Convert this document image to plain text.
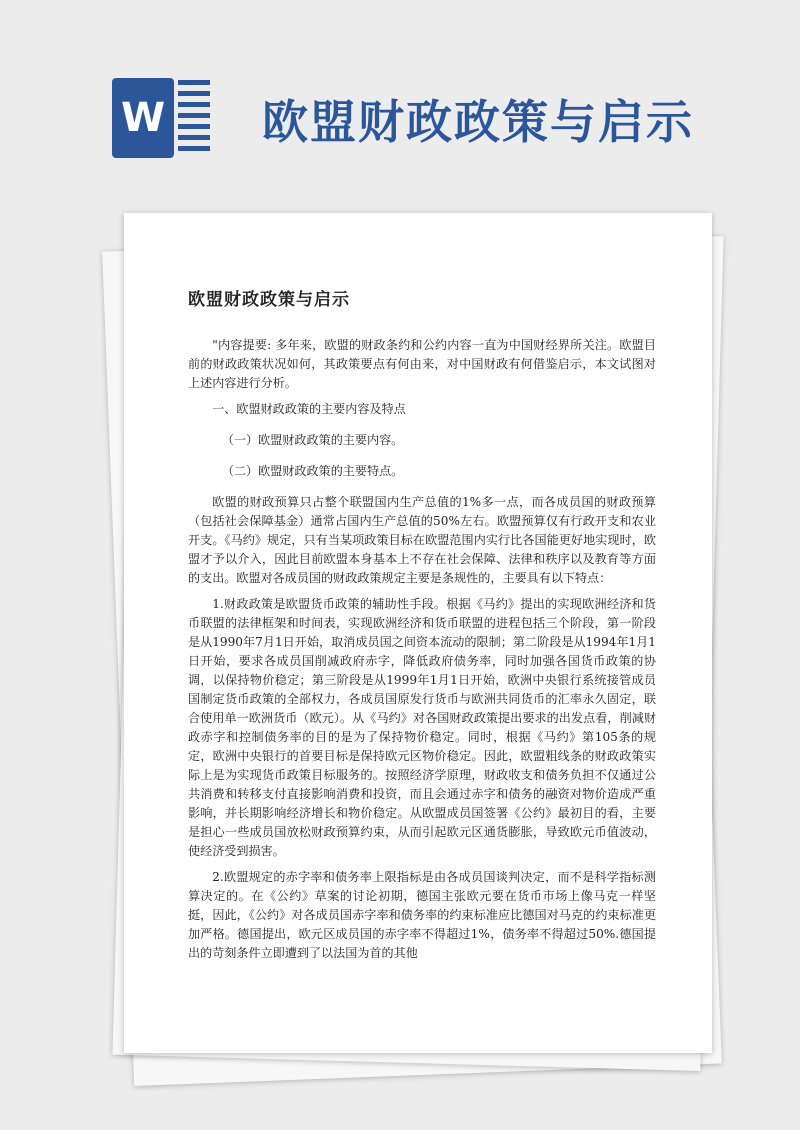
W 欧盟财政政策与启示
欧盟财政政策与启示

"内容提要: 多年来，欧盟的财政条约和公约内容一直为中国财经界所关注。欧盟目前的财政政策状况如何，其政策要点有何由来，对中国财政有何借鉴启示，本文试图对上述内容进行分析。

一、欧盟财政政策的主要内容及特点

（一）欧盟财政政策的主要内容。

（二）欧盟财政政策的主要特点。

欧盟的财政预算只占整个联盟国内生产总值的1%多一点，而各成员国的财政预算（包括社会保障基金）通常占国内生产总值的50%左右。欧盟预算仅有行政开支和农业开支。《马约》规定，只有当某项政策目标在欧盟范围内实行比各国能更好地实现时，欧盟才予以介入，因此目前欧盟本身基本上不存在社会保障、法律和秩序以及教育等方面的支出。欧盟对各成员国的财政政策规定主要是条规性的，主要具有以下特点：

1.财政政策是欧盟货币政策的辅助性手段。根据《马约》提出的实现欧洲经济和货币联盟的法律框架和时间表，实现欧洲经济和货币联盟的进程包括三个阶段，第一阶段是从1990年7月1日开始，取消成员国之间资本流动的限制；第二阶段是从1994年1月1日开始，要求各成员国削减政府赤字，降低政府债务率，同时加强各国货币政策的协调，以保持物价稳定；第三阶段是从1999年1月1日开始，欧洲中央银行系统接管成员国制定货币政策的全部权力，各成员国原发行货币与欧洲共同货币的汇率永久固定，联合使用单一欧洲货币（欧元）。从《马约》对各国财政政策提出要求的出发点看，削减财政赤字和控制债务率的目的是为了保持物价稳定。同时，根据《马约》第105条的规定，欧洲中央银行的首要目标是保持欧元区物价稳定。因此，欧盟粗线条的财政政策实际上是为实现货币政策目标服务的。按照经济学原理，财政收支和债务负担不仅通过公共消费和转移支付直接影响消费和投资，而且会通过赤字和债务的融资对物价造成严重影响，并长期影响经济增长和物价稳定。从欧盟成员国签署《公约》最初目的看，主要是担心一些成员国放松财政预算约束，从而引起欧元区通货膨胀，导致欧元币值波动，使经济受到损害。

2.欧盟规定的赤字率和债务率上限指标是由各成员国谈判决定，而不是科学指标测算决定的。在《公约》草案的讨论初期，德国主张欧元要在货币市场上像马克一样坚挺，因此，《公约》对各成员国赤字率和债务率的约束标准应比德国对马克的约束标准更加严格。德国提出，欧元区成员国的赤字率不得超过1%，债务率不得超过50%.德国提出的苛刻条件立即遭到了以法国为首的其他
